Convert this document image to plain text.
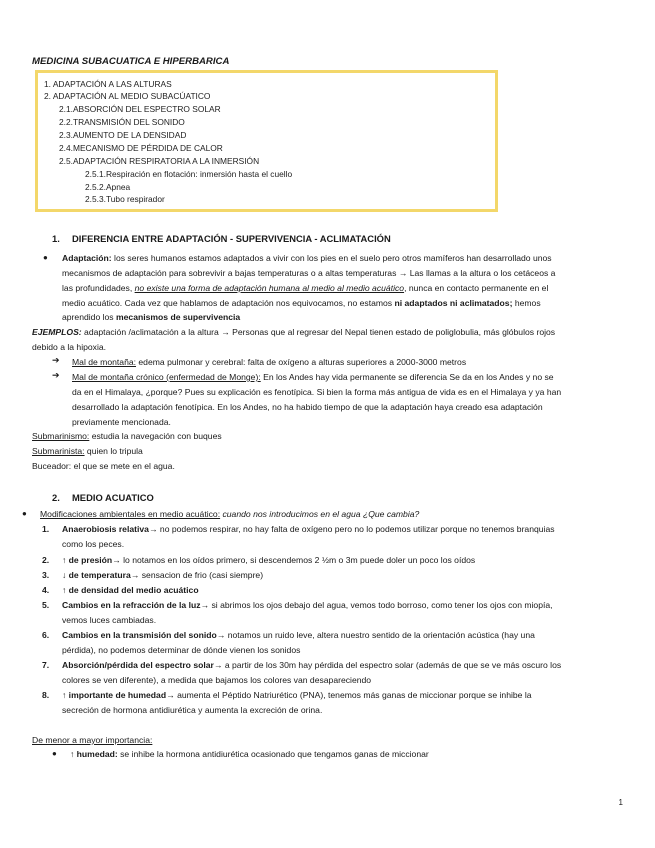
MEDICINA SUBACUATICA E HIPERBARICA
1. ADAPTACIÓN A LAS ALTURAS
2. ADAPTACIÓN AL MEDIO SUBACÚATICO
2.1.ABSORCIÓN DEL ESPECTRO SOLAR
2.2.TRANSMISIÓN DEL SONIDO
2.3.AUMENTO DE LA DENSIDAD
2.4.MECANISMO DE PÉRDIDA DE CALOR
2.5.ADAPTACIÓN RESPIRATORIA A LA INMERSIÓN
2.5.1.Respiración en flotación: inmersión hasta el cuello
2.5.2.Apnea
2.5.3.Tubo respirador
1. DIFERENCIA ENTRE ADAPTACIÓN - SUPERVIVENCIA - ACLIMATACIÓN
● Adaptación: los seres humanos estamos adaptados a vivir con los pies en el suelo pero otros mamíferos han desarrollado unos
mecanismos de adaptación para sobrevivir a bajas temperaturas o a altas temperaturas → Las llamas a la altura o los cetáceos a
las profundidades, no existe una forma de adaptación humana al medio al medio acuático, nunca en contacto permanente en el
medio acuático. Cada vez que hablamos de adaptación nos equivocamos, no estamos ni adaptados ni aclimatados; hemos
aprendido los mecanismos de supervivencia
EJEMPLOS: adaptación /aclimatación a la altura → Personas que al regresar del Nepal tienen estado de poliglobulia, más glóbulos rojos
debido a la hipoxia.
➔ Mal de montaña: edema pulmonar y cerebral: falta de oxígeno a alturas superiores a 2000-3000 metros
➔ Mal de montaña crónico (enfermedad de Monge): En los Andes hay vida permanente se diferencia Se da en los Andes y no se
da en el Himalaya, ¿porque? Pues su explicación es fenotípica. Si bien la forma más antigua de vida es en el Himalaya y ya han
desarrollado la adaptación fenotípica. En los Andes, no ha habido tiempo de que la adaptación haya creado esa adaptación
previamente mencionada.
Submarinismo: estudia la navegación con buques
Submarinista: quien lo tripula
Buceador: el que se mete en el agua.
2. MEDIO ACUATICO
● Modificaciones ambientales en medio acuático: cuando nos introducimos en el agua ¿Que cambia?
1. Anaerobiosis relativa→ no podemos respirar, no hay falta de oxígeno pero no lo podemos utilizar porque no tenemos branquias
como los peces.
2. ↑ de presión→ lo notamos en los oídos primero, si descendemos 2 ½m o 3m puede doler un poco los oídos
3. ↓ de temperatura→ sensacion de frio (casi siempre)
4. ↑ de densidad del medio acuático
5. Cambios en la refracción de la luz→ si abrimos los ojos debajo del agua, vemos todo borroso, como tener los ojos con miopía,
vemos luces cambiadas.
6. Cambios en la transmisión del sonido→ notamos un ruido leve, altera nuestro sentido de la orientación acústica (hay una
pérdida), no podemos determinar de dónde vienen los sonidos
7. Absorción/pérdida del espectro solar→ a partir de los 30m hay pérdida del espectro solar (además de que se ve más oscuro los
colores se ven diferente), a medida que bajamos los colores van desapareciendo
8. ↑ importante de humedad→ aumenta el Péptido Natriurético (PNA), tenemos más ganas de miccionar porque se inhibe la
secreción de hormona antidiurética y aumenta la excreción de orina.
De menor a mayor importancia:
● ↑ humedad: se inhibe la hormona antidiurética ocasionado que tengamos ganas de miccionar
1
